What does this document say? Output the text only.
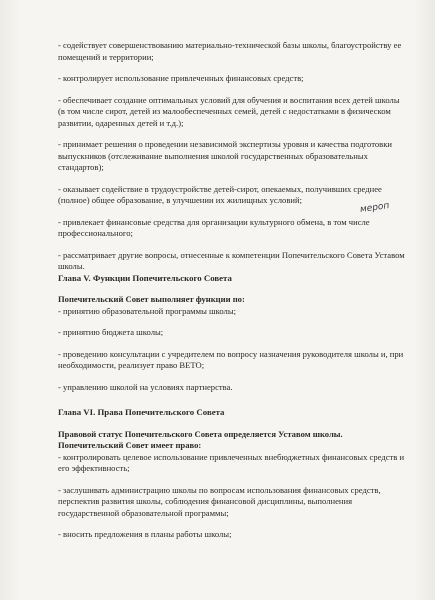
- содействует совершенствованию материально-технической базы школы, благоустройству ее помещений и территории;
- контролирует использование привлеченных финансовых средств;
- обеспечивает создание оптимальных условий для обучения и воспитания всех детей школы (в том числе сирот, детей из малообеспеченных семей, детей с недостатками в физическом развитии, одаренных детей и т.д.);
- принимает решения о проведении независимой экспертизы уровня и качества подготовки выпускников (отслеживание выполнения школой государственных образовательных стандартов);
- оказывает содействие в трудоустройстве детей-сирот, опекаемых, получивших среднее (полное) общее образование, в улучшении их жилищных условий;
- привлекает финансовые средства для организации культурного обмена, в том числе профессионального;
- рассматривает другие вопросы, отнесенные к компетенции Попечительского Совета Уставом школы.
Глава V. Функции Попечительского Совета
Попечительский Совет выполняет функции по:
- принятию образовательной программы школы;
- принятию бюджета школы;
- проведению консультации с учредителем по вопросу назначения руководителя школы и, при необходимости, реализует право ВЕТО;
- управлению школой на условиях партнерства.
Глава VI. Права Попечительского Совета
Правовой статус Попечительского Совета определяется Уставом школы.
Попечительский Совет имеет право:
- контролировать целевое использование привлеченных внебюджетных финансовых средств и его эффективность;
- заслушивать администрацию школы по вопросам использования финансовых средств, перспектив развития школы, соблюдения финансовой дисциплины, выполнения государственной образовательной программы;
- вносить предложения в планы работы школы;
мероп
